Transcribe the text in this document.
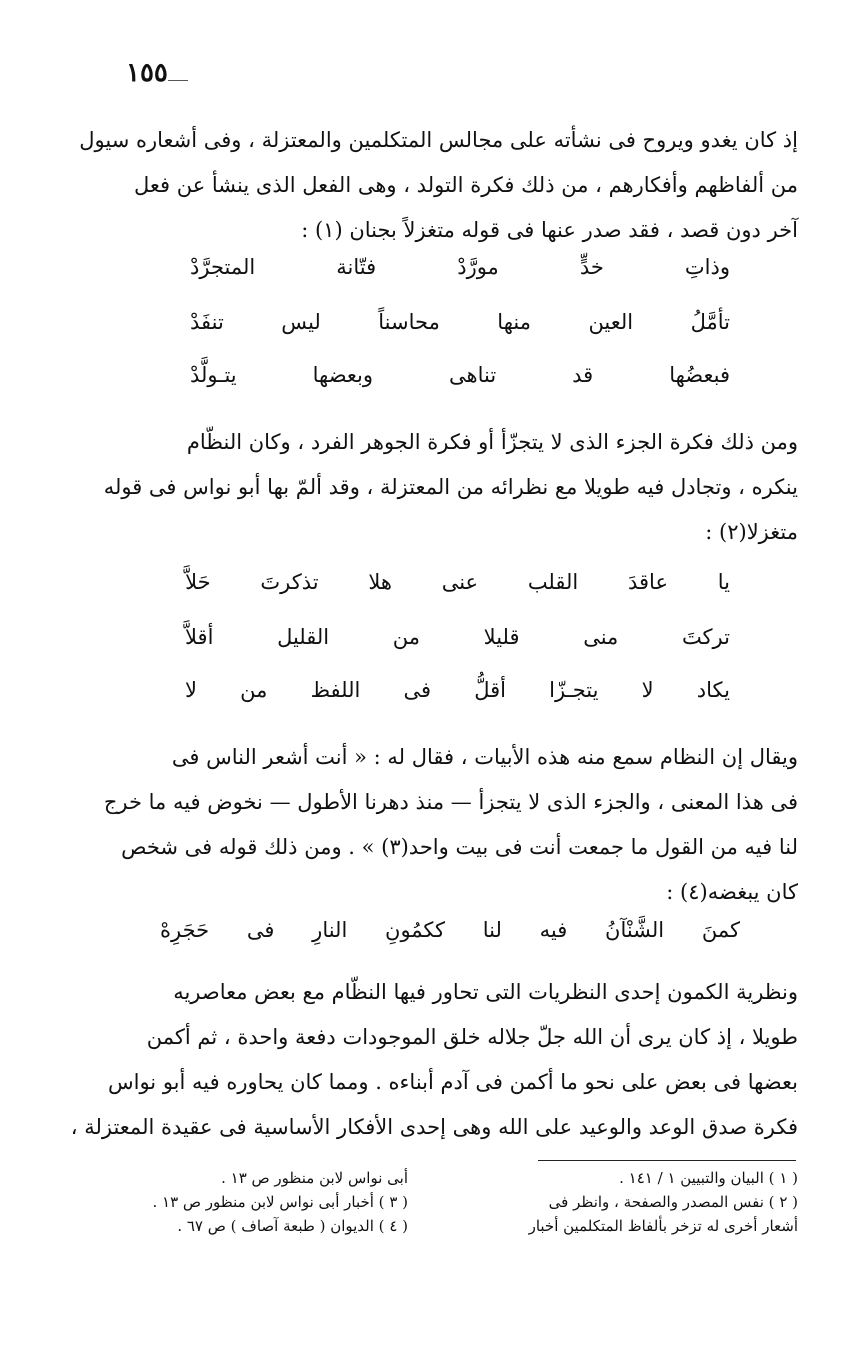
١٥٥
إذ كان يغدو ويروح فى نشأته على مجالس المتكلمين والمعتزلة ، وفى أشعاره سيول
من ألفاظهم وأفكارهم ، من ذلك فكرة التولد ، وهى الفعل الذى ينشأ عن فعل
آخر دون قصد ، فقد صدر عنها فى قوله متغزلاً بجنان (١) :
وذاتِ
خدٍّ
مورَّدْ
فتّانة
المتجرَّدْ
تأمَّلُ
العين
منها
محاسناً
ليس
تنفَدْ
فبعضُها
قد
تناهى
وبعضها
يتـولَّدْ
ومن ذلك فكرة الجزء الذى لا يتجزّأ أو فكرة الجوهر الفرد ، وكان النظّام
ينكره ، وتجادل فيه طويلا مع نظرائه من المعتزلة ، وقد ألمّ بها أبو نواس فى قوله
متغزلا(٢) :
يا
عاقدَ
القلب
عنى
هلا
تذكرتَ
حَلاَّ
تركتَ
منى
قليلا
من
القليل
أقلاَّ
يكاد
لا
يتجـزّا
أقلُّ
فى
اللفظ
من
لا
ويقال إن النظام سمع منه هذه الأبيات ، فقال له : « أنت أشعر الناس فى
فى هذا المعنى ، والجزء الذى لا يتجزأ — منذ دهرنا الأطول — نخوض فيه ما خرج
لنا فيه من القول ما جمعت أنت فى بيت واحد(٣) » . ومن ذلك قوله فى شخص
كان يبغضه(٤) :
كمنَ
الشَّنْآنُ
فيه
لنا
ككمُونِ
النارِ
فى
حَجَرِهْ
ونظرية الكمون إحدى النظريات التى تحاور فيها النظّام مع بعض معاصريه
طويلا ، إذ كان يرى أن الله جلّ جلاله خلق الموجودات دفعة واحدة ، ثم أكمن
بعضها فى بعض على نحو ما أكمن فى آدم أبناءه . ومما كان يحاوره فيه أبو نواس
فكرة صدق الوعد والوعيد على الله وهى إحدى الأفكار الأساسية فى عقيدة المعتزلة ،
( ١ ) البيان والتبيين ١ / ١٤١ .
( ٢ ) نفس المصدر والصفحة ، وانظر فى
أشعار أخرى له تزخر بألفاظ المتكلمين أخبار
أبى نواس لابن منظور ص ١٣ .
( ٣ ) أخبار أبى نواس لابن منظور ص ١٣ .
( ٤ ) الديوان ( طبعة آصاف ) ص ٦٧ .
